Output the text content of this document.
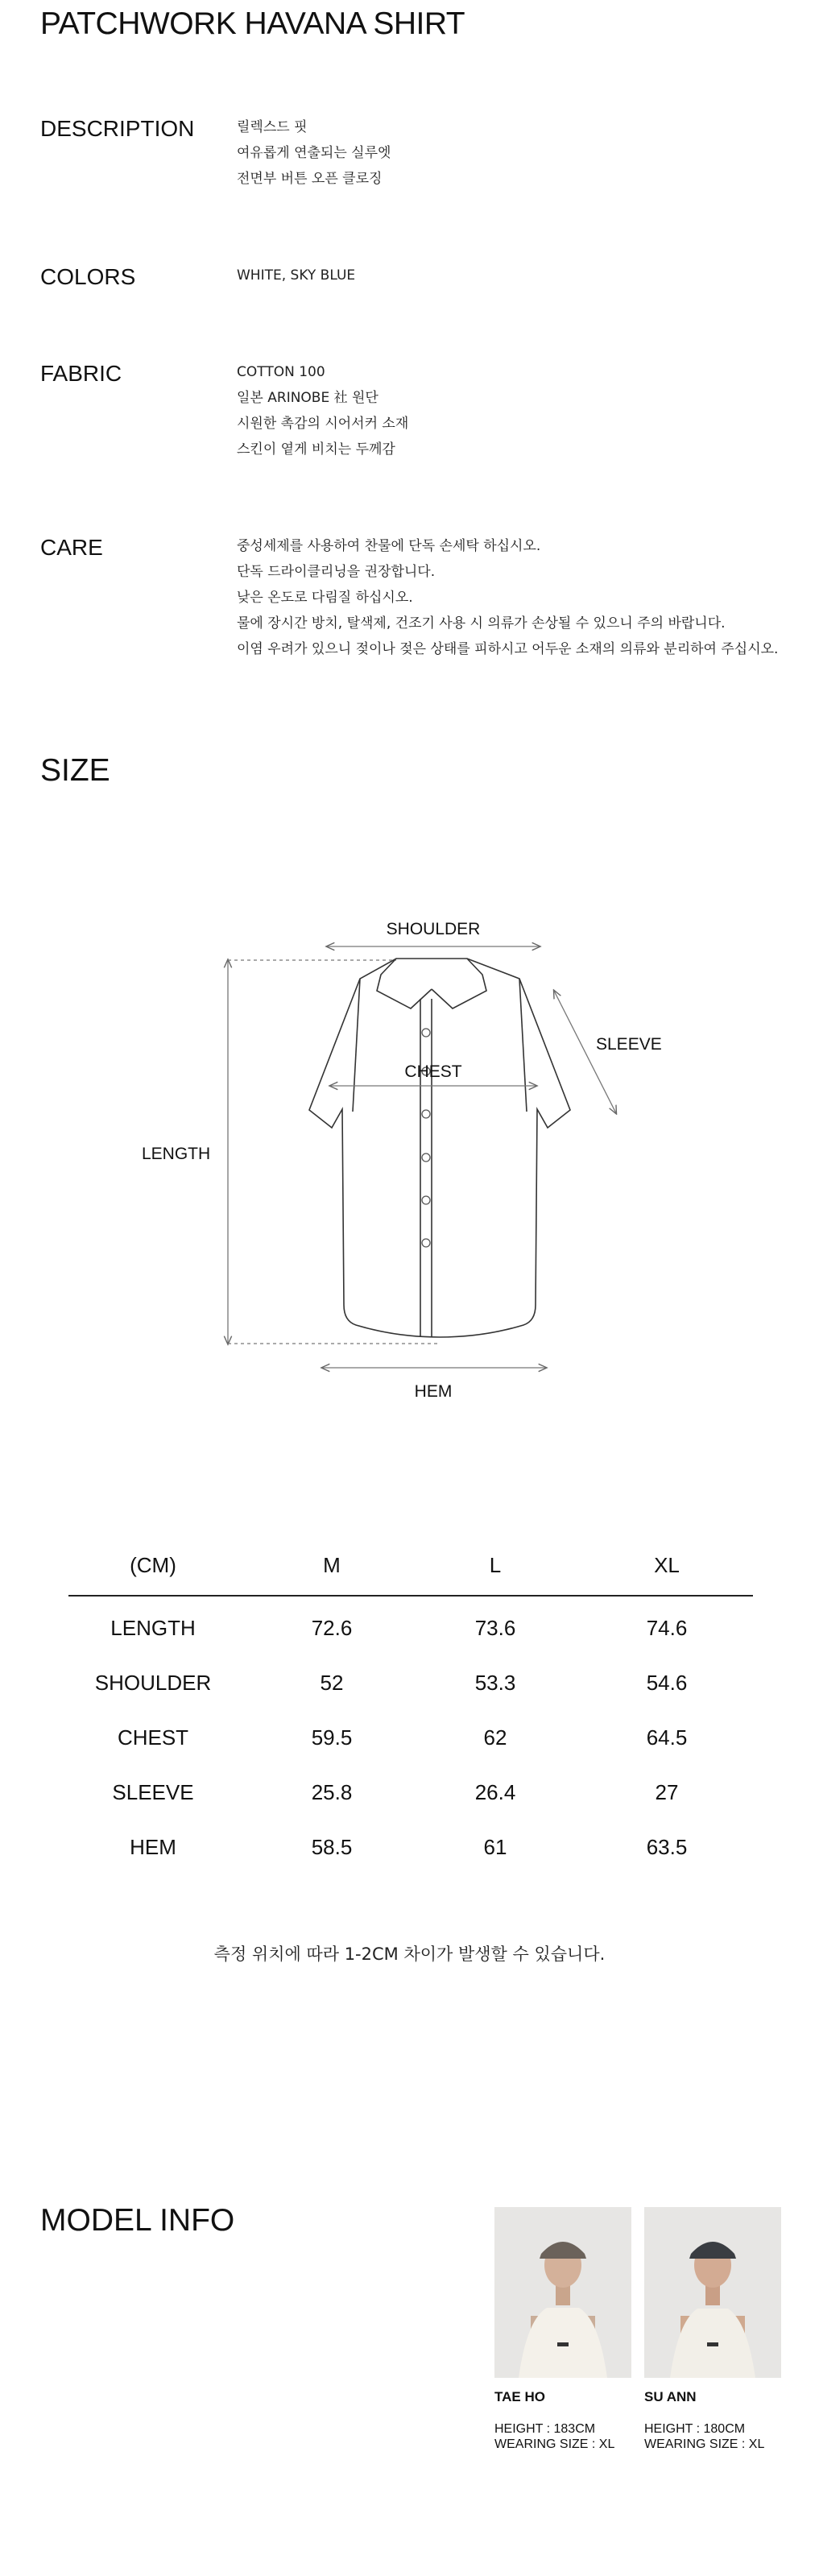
PATCHWORK HAVANA SHIRT
DESCRIPTION	릴렉스드 핏
여유롭게 연출되는 실루엣
전면부 버튼 오픈 클로징
COLORS	WHITE, SKY BLUE
FABRIC	COTTON 100
일본 ARINOBE 社 원단
시원한 촉감의 시어서커 소재
스킨이 옅게 비치는 두께감
CARE	중성세제를 사용하여 찬물에 단독 손세탁 하십시오.
단독 드라이클리닝을 권장합니다.
낮은 온도로 다림질 하십시오.
물에 장시간 방치, 탈색제, 건조기 사용 시 의류가 손상될 수 있으니 주의 바랍니다.
이염 우려가 있으니 젖이나 젖은 상태를 피하시고 어두운 소재의 의류와 분리하여 주십시오.
SIZE
SHOULDER
SLEEVE
CHEST
LENGTH
HEM
(CM)	M	L	XL
LENGTH	72.6	73.6	74.6
SHOULDER	52	53.3	54.6
CHEST	59.5	62	64.5
SLEEVE	25.8	26.4	27
HEM	58.5	61	63.5
측정 위치에 따라 1-2CM 차이가 발생할 수 있습니다.
MODEL INFO
TAE HO
HEIGHT : 183CM
WEARING SIZE : XL
SU ANN
HEIGHT : 180CM
WEARING SIZE : XL
